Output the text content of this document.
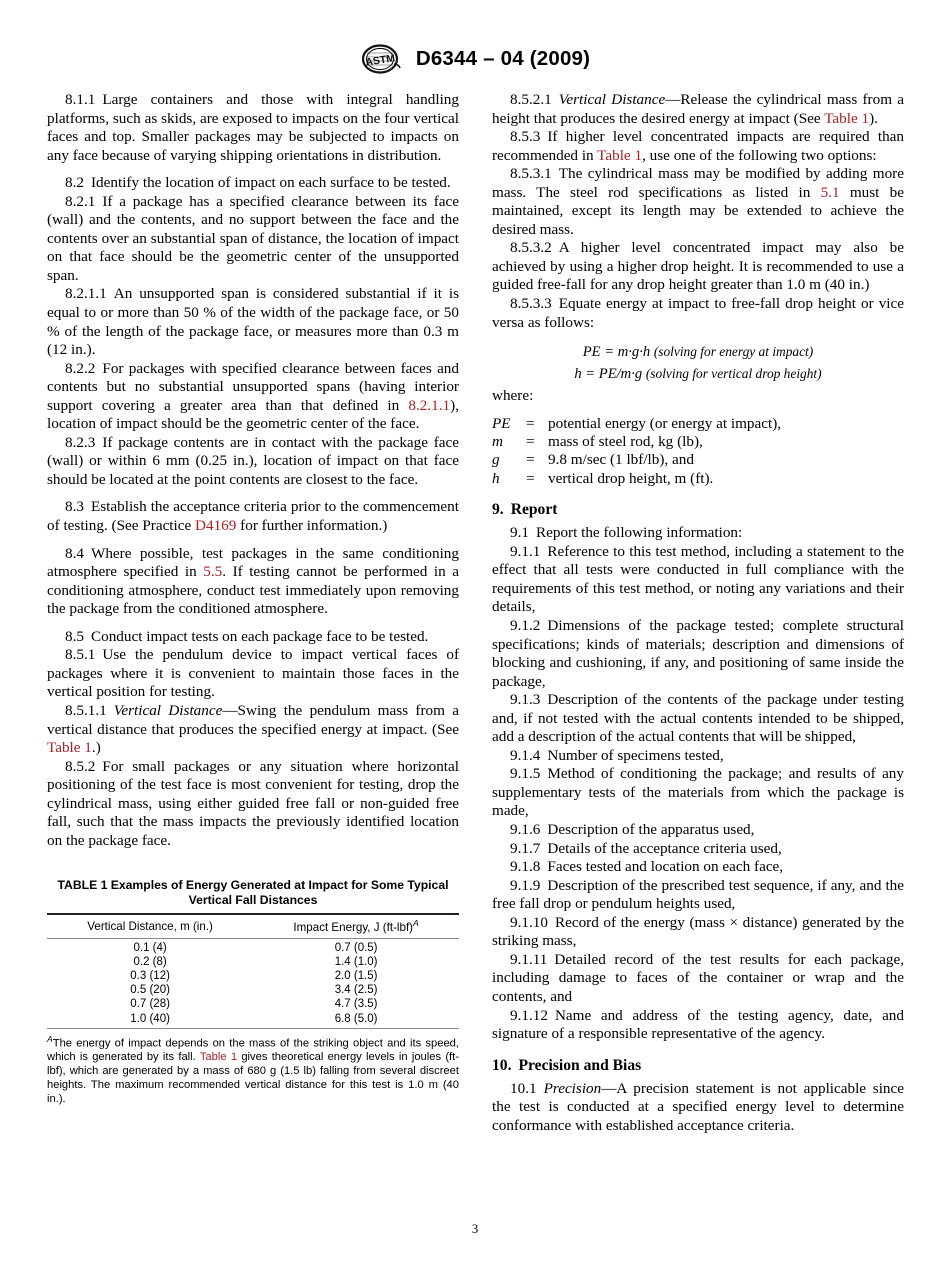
ASTM D6344 – 04 (2009)

8.1.1 Large containers and those with integral handling platforms, such as skids, are exposed to impacts on the four vertical faces and top. Smaller packages may be subjected to impacts on any face because of varying shipping orientations in distribution.

8.2 Identify the location of impact on each surface to be tested.

8.2.1 If a package has a specified clearance between its face (wall) and the contents, and no support between the face and the contents over an substantial span of distance, the location of impact on that face should be the geometric center of the unsupported span.

8.2.1.1 An unsupported span is considered substantial if it is equal to or more than 50 % of the width of the package face, or 50 % of the length of the package face, or measures more than 0.3 m (12 in.).

8.2.2 For packages with specified clearance between faces and contents but no substantial unsupported spans (having interior support covering a greater area than that defined in 8.2.1.1), location of impact should be the geometric center of the face.

8.2.3 If package contents are in contact with the package face (wall) or within 6 mm (0.25 in.), location of impact on that face should be located at the point contents are closest to the face.

8.3 Establish the acceptance criteria prior to the commencement of testing. (See Practice D4169 for further information.)

8.4 Where possible, test packages in the same conditioning atmosphere specified in 5.5. If testing cannot be performed in a conditioning atmosphere, conduct test immediately upon removing the package from the conditioned atmosphere.

8.5 Conduct impact tests on each package face to be tested.

8.5.1 Use the pendulum device to impact vertical faces of packages where it is convenient to maintain those faces in the vertical position for testing.

8.5.1.1 Vertical Distance—Swing the pendulum mass from a vertical distance that produces the specified energy at impact. (See Table 1.)

8.5.2 For small packages or any situation where horizontal positioning of the test face is most convenient for testing, drop the cylindrical mass, using either guided free fall or non-guided free fall, such that the mass impacts the previously identified location on the package face.

TABLE 1 Examples of Energy Generated at Impact for Some Typical Vertical Fall Distances
Vertical Distance, m (in.)	Impact Energy, J (ft-lbf)$^A$
0.1 (4)	0.7 (0.5)
0.2 (8)	1.4 (1.0)
0.3 (12)	2.0 (1.5)
0.5 (20)	3.4 (2.5)
0.7 (28)	4.7 (3.5)
1.0 (40)	6.8 (5.0)

$^A$The energy of impact depends on the mass of the striking object and its speed, which is generated by its fall. Table 1 gives theoretical energy levels in joules (ft-lbf), which are generated by a mass of 680 g (1.5 lb) falling from several discreet heights. The maximum recommended vertical distance for this test is 1.0 m (40 in.).

8.5.2.1 Vertical Distance—Release the cylindrical mass from a height that produces the desired energy at impact (See Table 1).

8.5.3 If higher level concentrated impacts are required than recommended in Table 1, use one of the following two options:

8.5.3.1 The cylindrical mass may be modified by adding more mass. The steel rod specifications as listed in 5.1 must be maintained, except its length may be extended to achieve the desired mass.

8.5.3.2 A higher level concentrated impact may also be achieved by using a higher drop height. It is recommended to use a guided free-fall for any drop height greater than 1.0 m (40 in.)

8.5.3.3 Equate energy at impact to free-fall drop height or vice versa as follows:

PE = m·g·h (solving for energy at impact)

h = PE/m·g (solving for vertical drop height)

where:

PE	=	potential energy (or energy at impact),
m	=	mass of steel rod, kg (lb),
g	=	9.8 m/sec (1 lbf/lb), and
h	=	vertical drop height, m (ft).
9. Report

9.1 Report the following information:

9.1.1 Reference to this test method, including a statement to the effect that all tests were conducted in full compliance with the requirements of this test method, or noting any variations and their details,

9.1.2 Dimensions of the package tested; complete structural specifications; kinds of materials; description and dimensions of blocking and cushioning, if any, and positioning of same inside the package,

9.1.3 Description of the contents of the package under testing and, if not tested with the actual contents intended to be shipped, add a description of the actual contents that will be shipped,

9.1.4 Number of specimens tested,

9.1.5 Method of conditioning the package; and results of any supplementary tests of the materials from which the package is made,

9.1.6 Description of the apparatus used,

9.1.7 Details of the acceptance criteria used,

9.1.8 Faces tested and location on each face,

9.1.9 Description of the prescribed test sequence, if any, and the free fall drop or pendulum heights used,

9.1.10 Record of the energy (mass × distance) generated by the striking mass,

9.1.11 Detailed record of the test results for each package, including damage to faces of the container or wrap and the contents, and

9.1.12 Name and address of the testing agency, date, and signature of a responsible representative of the agency.

10. Precision and Bias

10.1 Precision—A precision statement is not applicable since the test is conducted at a specified energy level to determine conformance with established acceptance criteria.

3
